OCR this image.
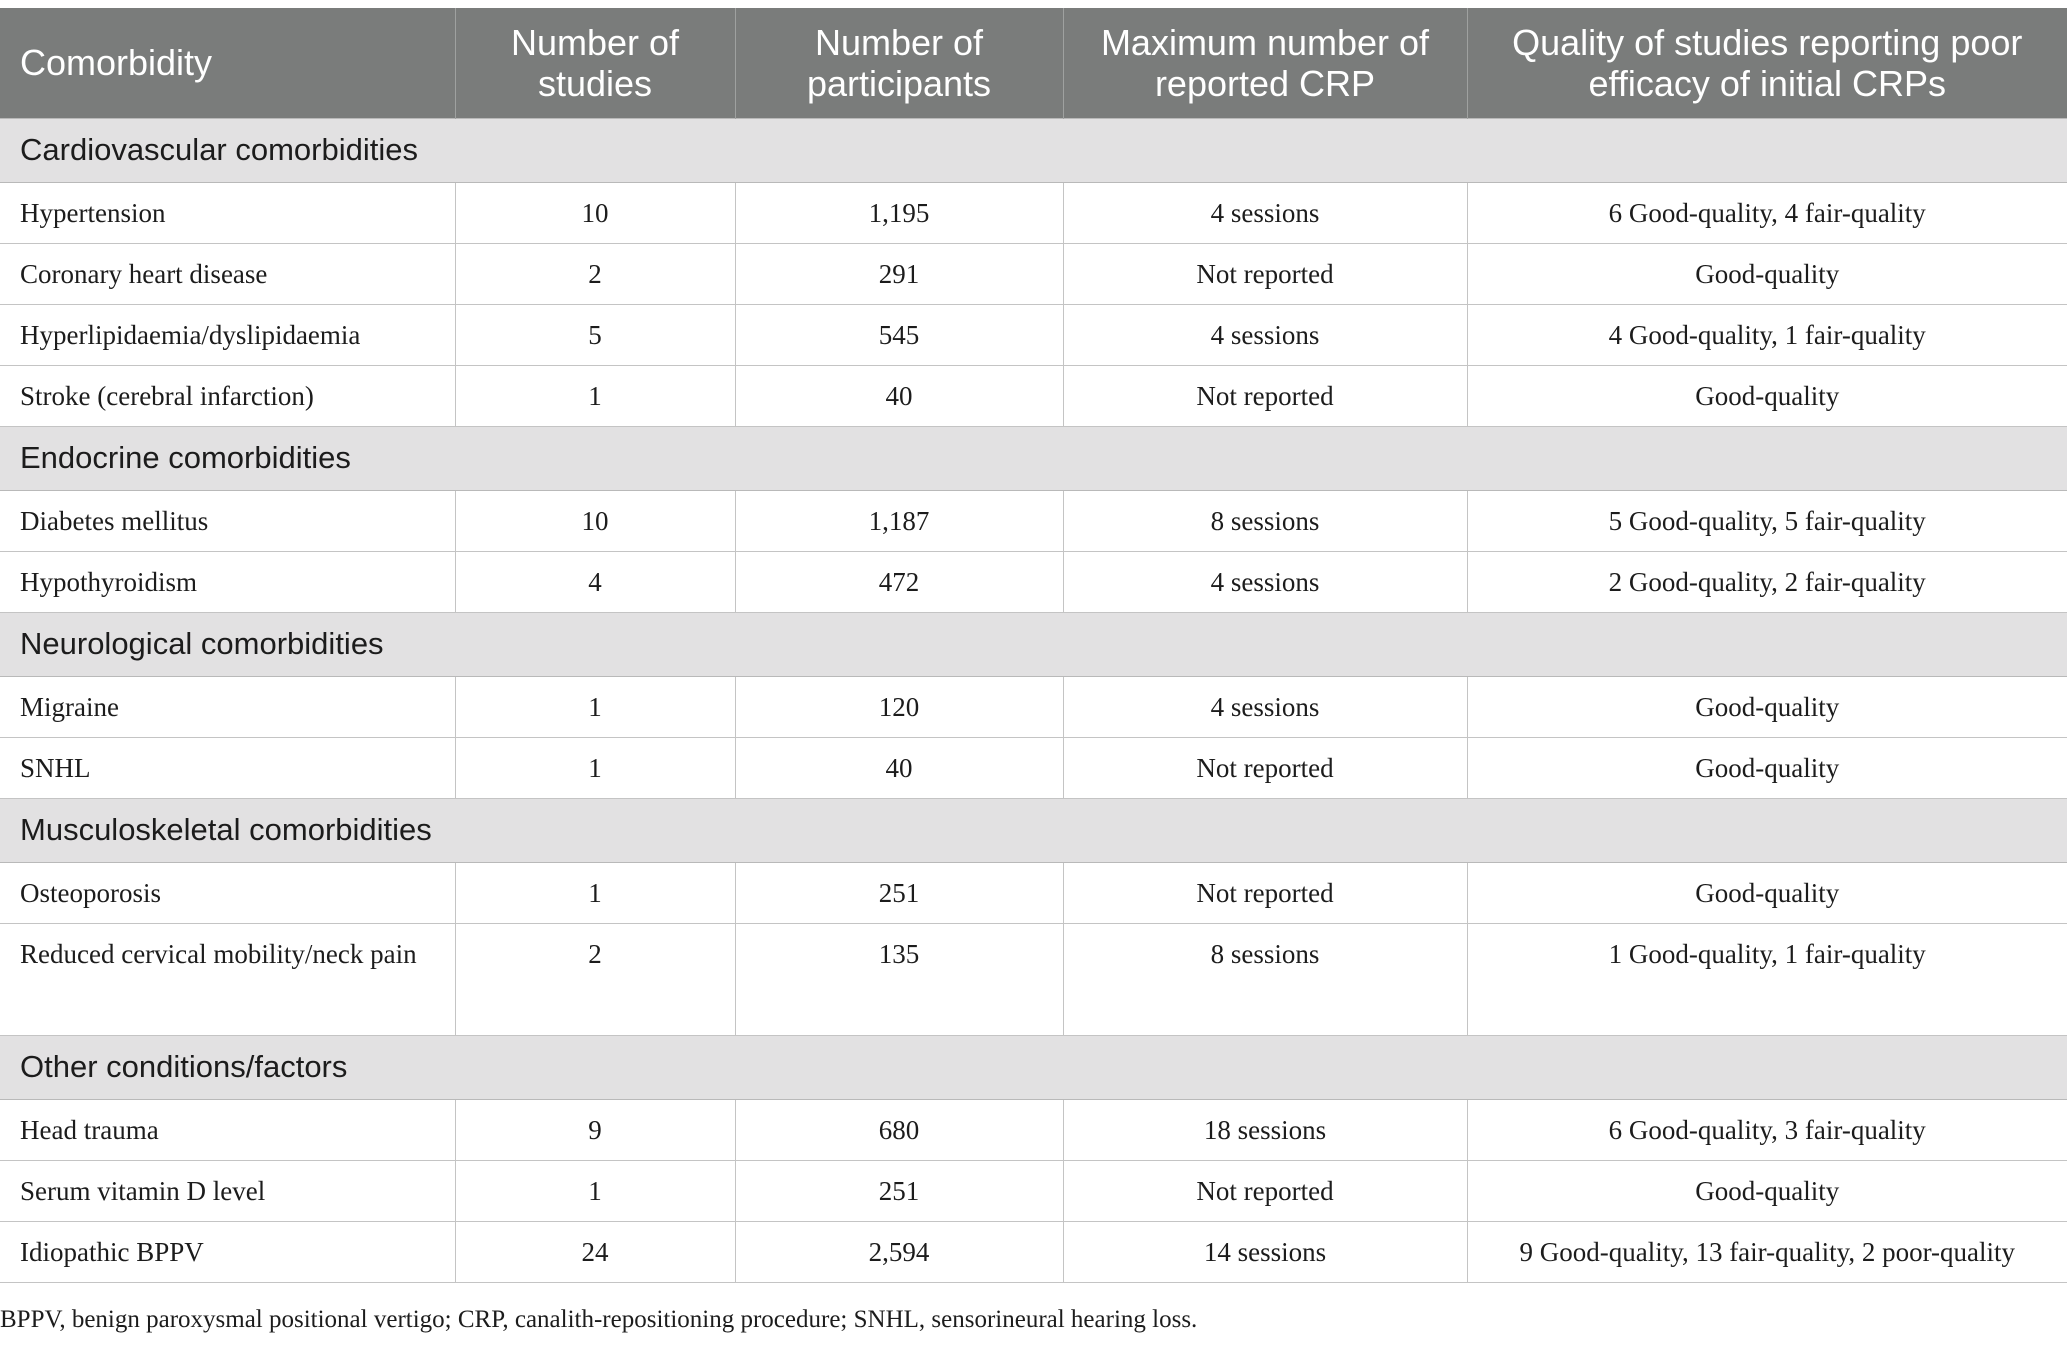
Comorbidity	Number of studies	Number of participants	Maximum number of reported CRP	Quality of studies reporting poor efficacy of initial CRPs
Cardiovascular comorbidities				
Hypertension	10	1,195	4 sessions	6 Good-quality, 4 fair-quality
Coronary heart disease	2	291	Not reported	Good-quality
Hyperlipidaemia/dyslipidaemia	5	545	4 sessions	4 Good-quality, 1 fair-quality
Stroke (cerebral infarction)	1	40	Not reported	Good-quality
Endocrine comorbidities				
Diabetes mellitus	10	1,187	8 sessions	5 Good-quality, 5 fair-quality
Hypothyroidism	4	472	4 sessions	2 Good-quality, 2 fair-quality
Neurological comorbidities				
Migraine	1	120	4 sessions	Good-quality
SNHL	1	40	Not reported	Good-quality
Musculoskeletal comorbidities				
Osteoporosis	1	251	Not reported	Good-quality
Reduced cervical mobility/neck pain	2	135	8 sessions	1 Good-quality, 1 fair-quality
Other conditions/factors				
Head trauma	9	680	18 sessions	6 Good-quality, 3 fair-quality
Serum vitamin D level	1	251	Not reported	Good-quality
Idiopathic BPPV	24	2,594	14 sessions	9 Good-quality, 13 fair-quality, 2 poor-quality
BPPV, benign paroxysmal positional vertigo; CRP, canalith-repositioning procedure; SNHL, sensorineural hearing loss.
